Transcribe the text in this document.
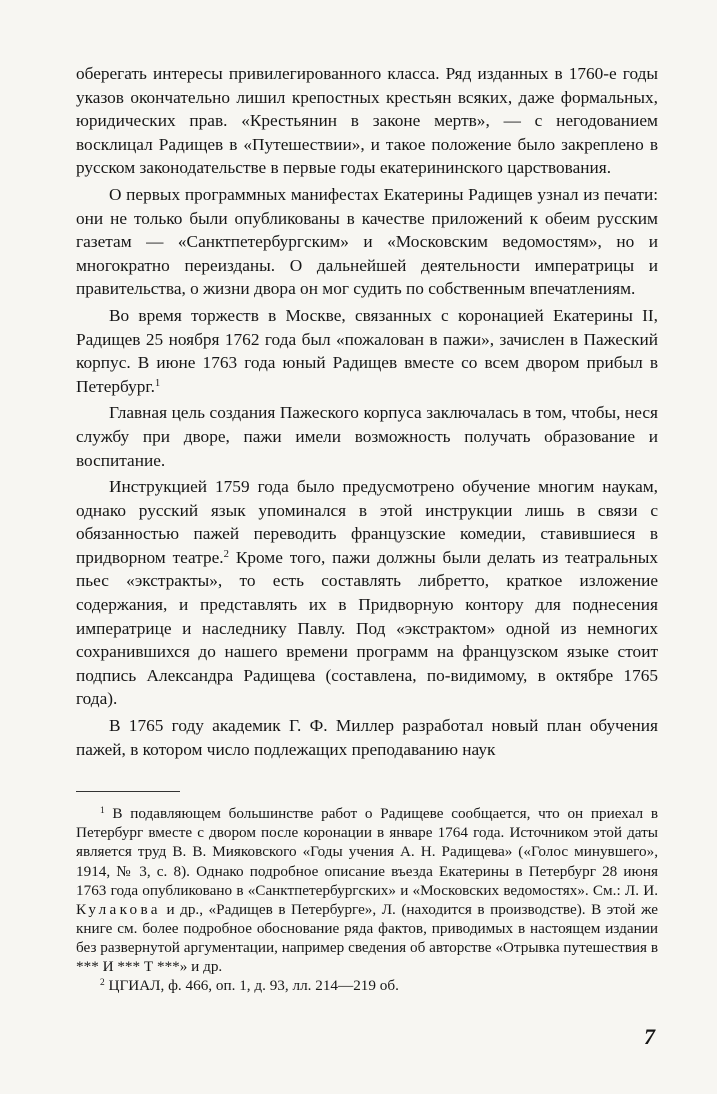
оберегать интересы привилегированного класса. Ряд изданных в 1760-е годы указов окончательно лишил крепостных крестьян всяких, даже формальных, юридических прав. «Крестьянин в законе мертв», — с негодованием восклицал Радищев в «Путешествии», и такое положение было закреплено в русском законодательстве в первые годы екатерининского царствования.

О первых программных манифестах Екатерины Радищев узнал из печати: они не только были опубликованы в качестве приложений к обеим русским газетам — «Санктпетербургским» и «Московским ведомостям», но и многократно переизданы. О дальнейшей деятельности императрицы и правительства, о жизни двора он мог судить по собственным впечатлениям.

Во время торжеств в Москве, связанных с коронацией Екатерины II, Радищев 25 ноября 1762 года был «пожалован в пажи», зачислен в Пажеский корпус. В июне 1763 года юный Радищев вместе со всем двором прибыл в Петербург.$^1$

Главная цель создания Пажеского корпуса заключалась в том, чтобы, неся службу при дворе, пажи имели возможность получать образование и воспитание.

Инструкцией 1759 года было предусмотрено обучение многим наукам, однако русский язык упоминался в этой инструкции лишь в связи с обязанностью пажей переводить французские комедии, ставившиеся в придворном театре.$^2$ Кроме того, пажи должны были делать из театральных пьес «экстракты», то есть составлять либретто, краткое изложение содержания, и представлять их в Придворную контору для поднесения императрице и наследнику Павлу. Под «экстрактом» одной из немногих сохранившихся до нашего времени программ на французском языке стоит подпись Александра Радищева (составлена, по-видимому, в октябре 1765 года).

В 1765 году академик Г. Ф. Миллер разработал новый план обучения пажей, в котором число подлежащих преподаванию наук

$^1$ В подавляющем большинстве работ о Радищеве сообщается, что он приехал в Петербург вместе с двором после коронации в январе 1764 года. Источником этой даты является труд В. В. Мияковского «Годы учения А. Н. Радищева» («Голос минувшего», 1914, № 3, с. 8). Однако подробное описание въезда Екатерины в Петербург 28 июня 1763 года опубликовано в «Санктпетербургских» и «Московских ведомостях». См.: Л. И. Кулакова и др., «Радищев в Петербурге», Л. (находится в производстве). В этой же книге см. более подробное обоснование ряда фактов, приводимых в настоящем издании без развернутой аргументации, например сведения об авторстве «Отрывка путешествия в *** И *** Т ***» и др.

$^2$ ЦГИАЛ, ф. 466, оп. 1, д. 93, лл. 214—219 об.

7
